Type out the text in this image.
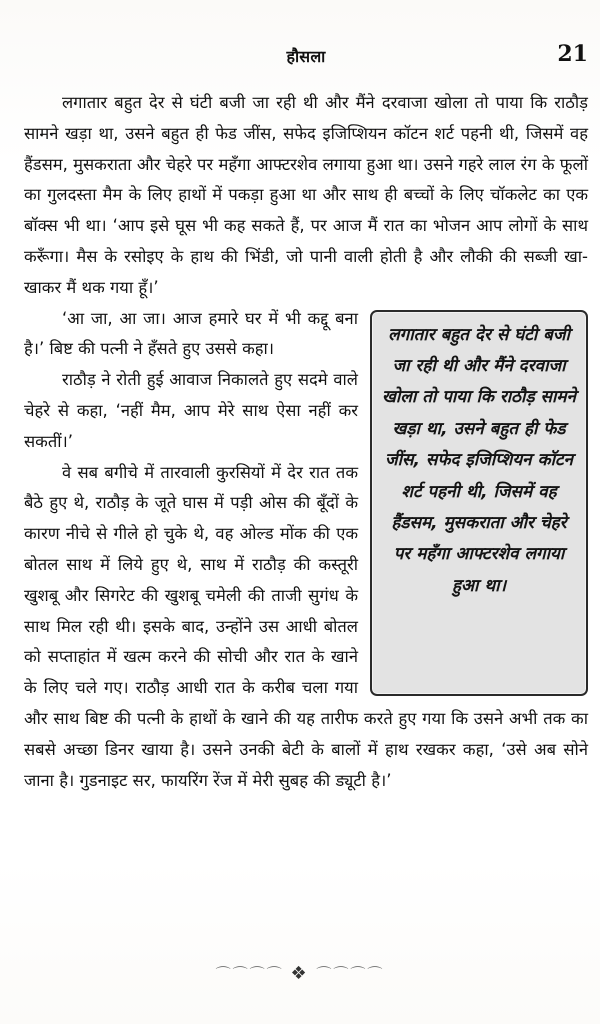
हौसला	21

लगातार बहुत देर से घंटी बजी जा रही थी और मैंने दरवाजा खोला तो पाया कि राठौड़ सामने खड़ा था, उसने बहुत ही फेड जींस, सफेद इजिप्शियन कॉटन शर्ट पहनी थी, जिसमें वह हैंडसम, मुसकराता और चेहरे पर महँगा आफ्टरशेव लगाया हुआ था। उसने गहरे लाल रंग के फूलों का गुलदस्ता मैम के लिए हाथों में पकड़ा हुआ था और साथ ही बच्चों के लिए चॉकलेट का एक बॉक्स भी था। ‘आप इसे घूस भी कह सकते हैं, पर आज मैं रात का भोजन आप लोगों के साथ करूँगा। मैस के रसोइए के हाथ की भिंडी, जो पानी वाली होती है और लौकी की सब्जी खा-खाकर मैं थक गया हूँ।’

लगातार बहुत देर से घंटी बजी जा रही थी और मैंने दरवाजा खोला तो पाया कि राठौड़ सामने खड़ा था, उसने बहुत ही फेड जींस, सफेद इजिप्शियन कॉटन शर्ट पहनी थी, जिसमें वह हैंडसम, मुसकराता और चेहरे पर महँगा आफ्टरशेव लगाया हुआ था।

‘आ जा, आ जा। आज हमारे घर में भी कद्दू बना है।’ बिष्ट की पत्नी ने हँसते हुए उससे कहा।

राठौड़ ने रोती हुई आवाज निकालते हुए सदमे वाले चेहरे से कहा, ‘नहीं मैम, आप मेरे साथ ऐसा नहीं कर सकतीं।’

वे सब बगीचे में तारवाली कुरसियों में देर रात तक बैठे हुए थे, राठौड़ के जूते घास में पड़ी ओस की बूँदों के कारण नीचे से गीले हो चुके थे, वह ओल्ड मोंक की एक बोतल साथ में लिये हुए थे, साथ में राठौड़ की कस्तूरी खुशबू और सिगरेट की खुशबू चमेली की ताजी सुगंध के साथ मिल रही थी। इसके बाद, उन्होंने उस आधी बोतल को सप्ताहांत में खत्म करने की सोची और रात के खाने के लिए चले गए। राठौड़ आधी रात के करीब चला गया और साथ बिष्ट की पत्नी के हाथों के खाने की यह तारीफ करते हुए गया कि उसने अभी तक का सबसे अच्छा डिनर खाया है। उसने उनकी बेटी के बालों में हाथ रखकर कहा, ‘उसे अब सोने जाना है। गुडनाइट सर, फायरिंग रेंज में मेरी सुबह की ड्यूटी है।’

⌒⌒⌒⌒ ❖ ⌒⌒⌒⌒
